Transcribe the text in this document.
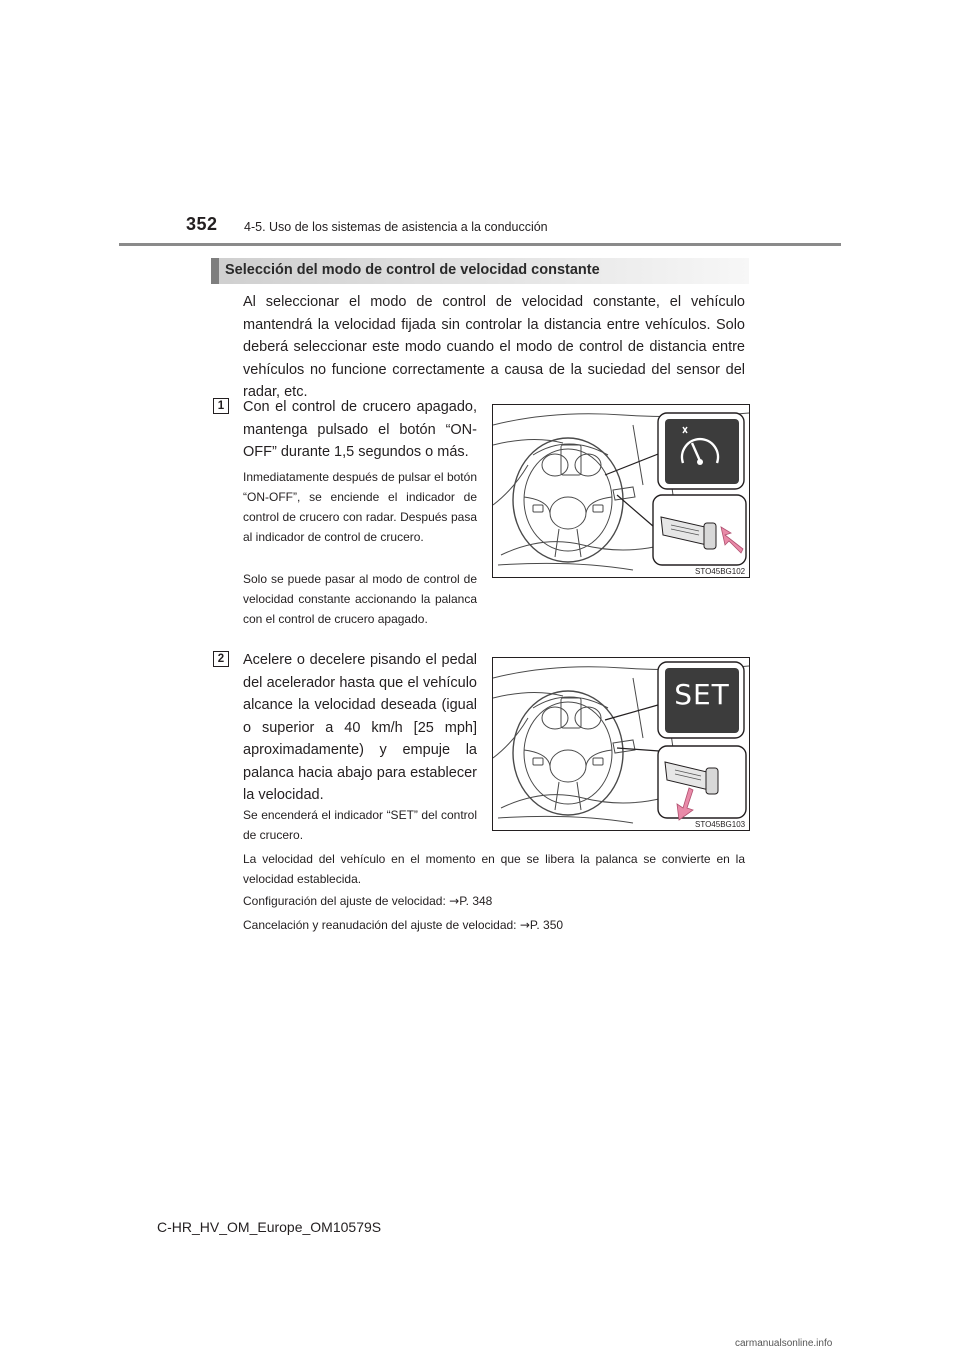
352 4-5. Uso de los sistemas de asistencia a la conducción
Selección del modo de control de velocidad constante
Al seleccionar el modo de control de velocidad constante, el vehículo mantendrá la velocidad fijada sin controlar la distancia entre vehículos. Solo deberá seleccionar este modo cuando el modo de control de distancia entre vehículos no funcione correctamente a causa de la suciedad del sensor del radar, etc.
1	Con el control de crucero apagado, mantenga pulsado el botón “ON-OFF” durante 1,5 segundos o más.
Inmediatamente después de pulsar el botón “ON-OFF”, se enciende el indicador de control de crucero con radar. Después pasa al indicador de control de crucero.
Solo se puede pasar al modo de control de velocidad constante accionando la palanca con el control de crucero apagado.
STO45BG102
2	Acelere o decelere pisando el pedal del acelerador hasta que el vehículo alcance la velocidad deseada (igual o superior a 40 km/h [25 mph] aproximadamente) y empuje la palanca hacia abajo para establecer la velocidad.
Se encenderá el indicador “SET” del control de crucero.
SET
STO45BG103
La velocidad del vehículo en el momento en que se libera la palanca se convierte en la velocidad establecida.
Configuración del ajuste de velocidad: →P. 348
Cancelación y reanudación del ajuste de velocidad: →P. 350
C-HR_HV_OM_Europe_OM10579S
carmanualsonline.info
